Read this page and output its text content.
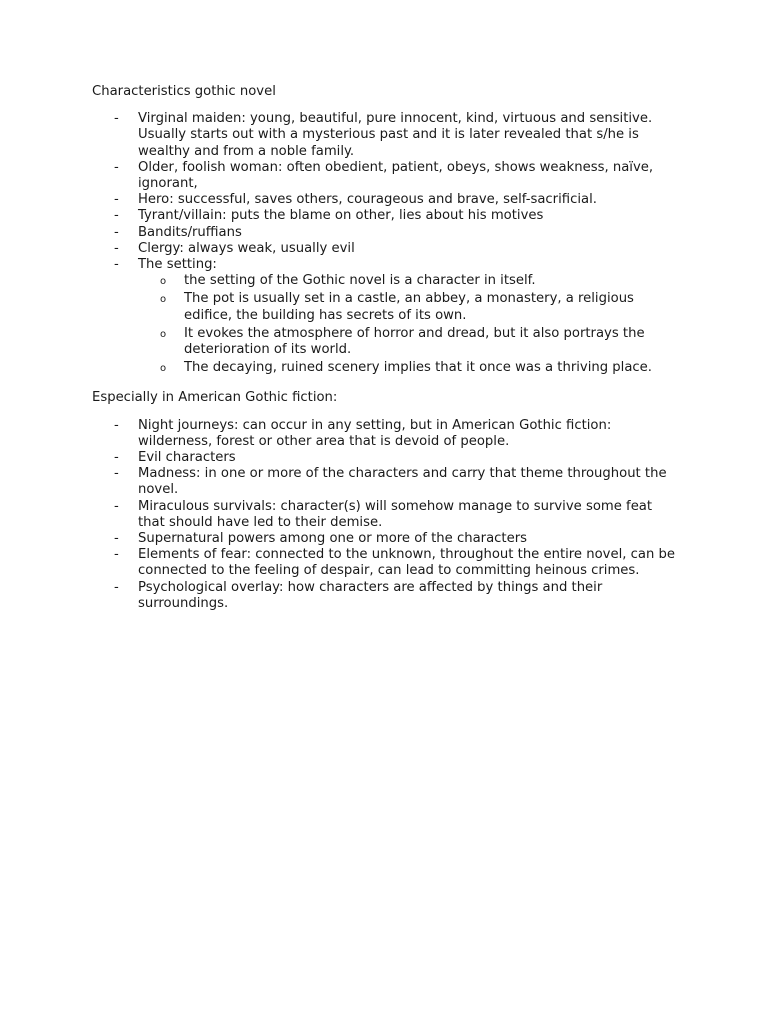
Characteristics gothic novel

- Virginal maiden: young, beautiful, pure innocent, kind, virtuous and sensitive. Usually starts out with a mysterious past and it is later revealed that s/he is wealthy and from a noble family.
- Older, foolish woman: often obedient, patient, obeys, shows weakness, naïve, ignorant,
- Hero: successful, saves others, courageous and brave, self-sacrificial.
- Tyrant/villain: puts the blame on other, lies about his motives
- Bandits/ruffians
- Clergy: always weak, usually evil
- The setting:
o the setting of the Gothic novel is a character in itself.
o The pot is usually set in a castle, an abbey, a monastery, a religious edifice, the building has secrets of its own.
o It evokes the atmosphere of horror and dread, but it also portrays the deterioration of its world.
o The decaying, ruined scenery implies that it once was a thriving place.

Especially in American Gothic fiction:

- Night journeys: can occur in any setting, but in American Gothic fiction: wilderness, forest or other area that is devoid of people.
- Evil characters
- Madness: in one or more of the characters and carry that theme throughout the novel.
- Miraculous survivals: character(s) will somehow manage to survive some feat that should have led to their demise.
- Supernatural powers among one or more of the characters
- Elements of fear: connected to the unknown, throughout the entire novel, can be connected to the feeling of despair, can lead to committing heinous crimes.
- Psychological overlay: how characters are affected by things and their surroundings.
